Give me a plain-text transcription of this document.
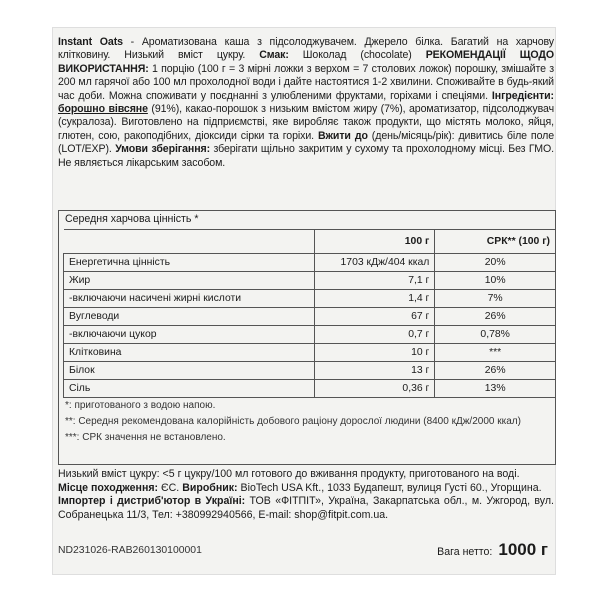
Instant Oats - Ароматизована каша з підсолоджувачем. Джерело білка. Багатий на харчову клітковину. Низький вміст цукру. Смак: Шоколад (chocolate) РЕКОМЕНДАЦІЇ ЩОДО ВИКОРИСТАННЯ: 1 порцію (100 г = 3 мірні ложки з верхом = 7 столових ложок) порошку, змішайте з 200 мл гарячої або 100 мл прохолодної води і дайте настоятися 1-2 хвилини. Споживайте в будь-який час доби. Можна споживати у поєднанні з улюбленими фруктами, горіхами і спеціями. Інгредієнти: борошно вівсяне (91%), какао-порошок з низьким вмістом жиру (7%), ароматизатор, підсолоджувач (сукралоза). Виготовлено на підприємстві, яке виробляє також продукти, що містять молоко, яйця, глютен, сою, ракоподібних, діоксиди сірки та горіхи. Вжити до (день/місяць/рік): дивитись біле поле (LOT/EXP). Умови зберігання: зберігати щільно закритим у сухому та прохолодному місці. Без ГМО. Не являється лікарським засобом.
Середня харчова цінність *
	100 г	СРК** (100 г)
Енергетична цінність	1703 кДж/404 ккал	20%
Жир	7,1 г	10%
-включаючи насичені жирні кислоти	1,4 г	7%
Вуглеводи	67 г	26%
-включаючи цукор	0,7 г	0,78%
Клітковина	10 г	***
Білок	13 г	26%
Сіль	0,36 г	13%
*: приготованого з водою напою.
**: Середня рекомендована калорійність добового раціону дорослої людини (8400 кДж/2000 ккал)
***: СРК значення не встановлено.
Низький вміст цукру: <5 г цукру/100 мл готового до вживання продукту, приготованого на воді.
Місце походження: ЄС. Виробник: BioTech USA Kft., 1033 Будапешт, вулиця Густі 60., Угорщина.
Імпортер і дистриб'ютор в Україні: ТОВ «ФІТПІТ», Україна, Закарпатська обл., м. Ужгород, вул. Собранецька 11/3, Тел: +380992940566, E-mail: shop@fitpit.com.ua.
ND231026-RAB260130100001	Вага нетто: 1000 г
